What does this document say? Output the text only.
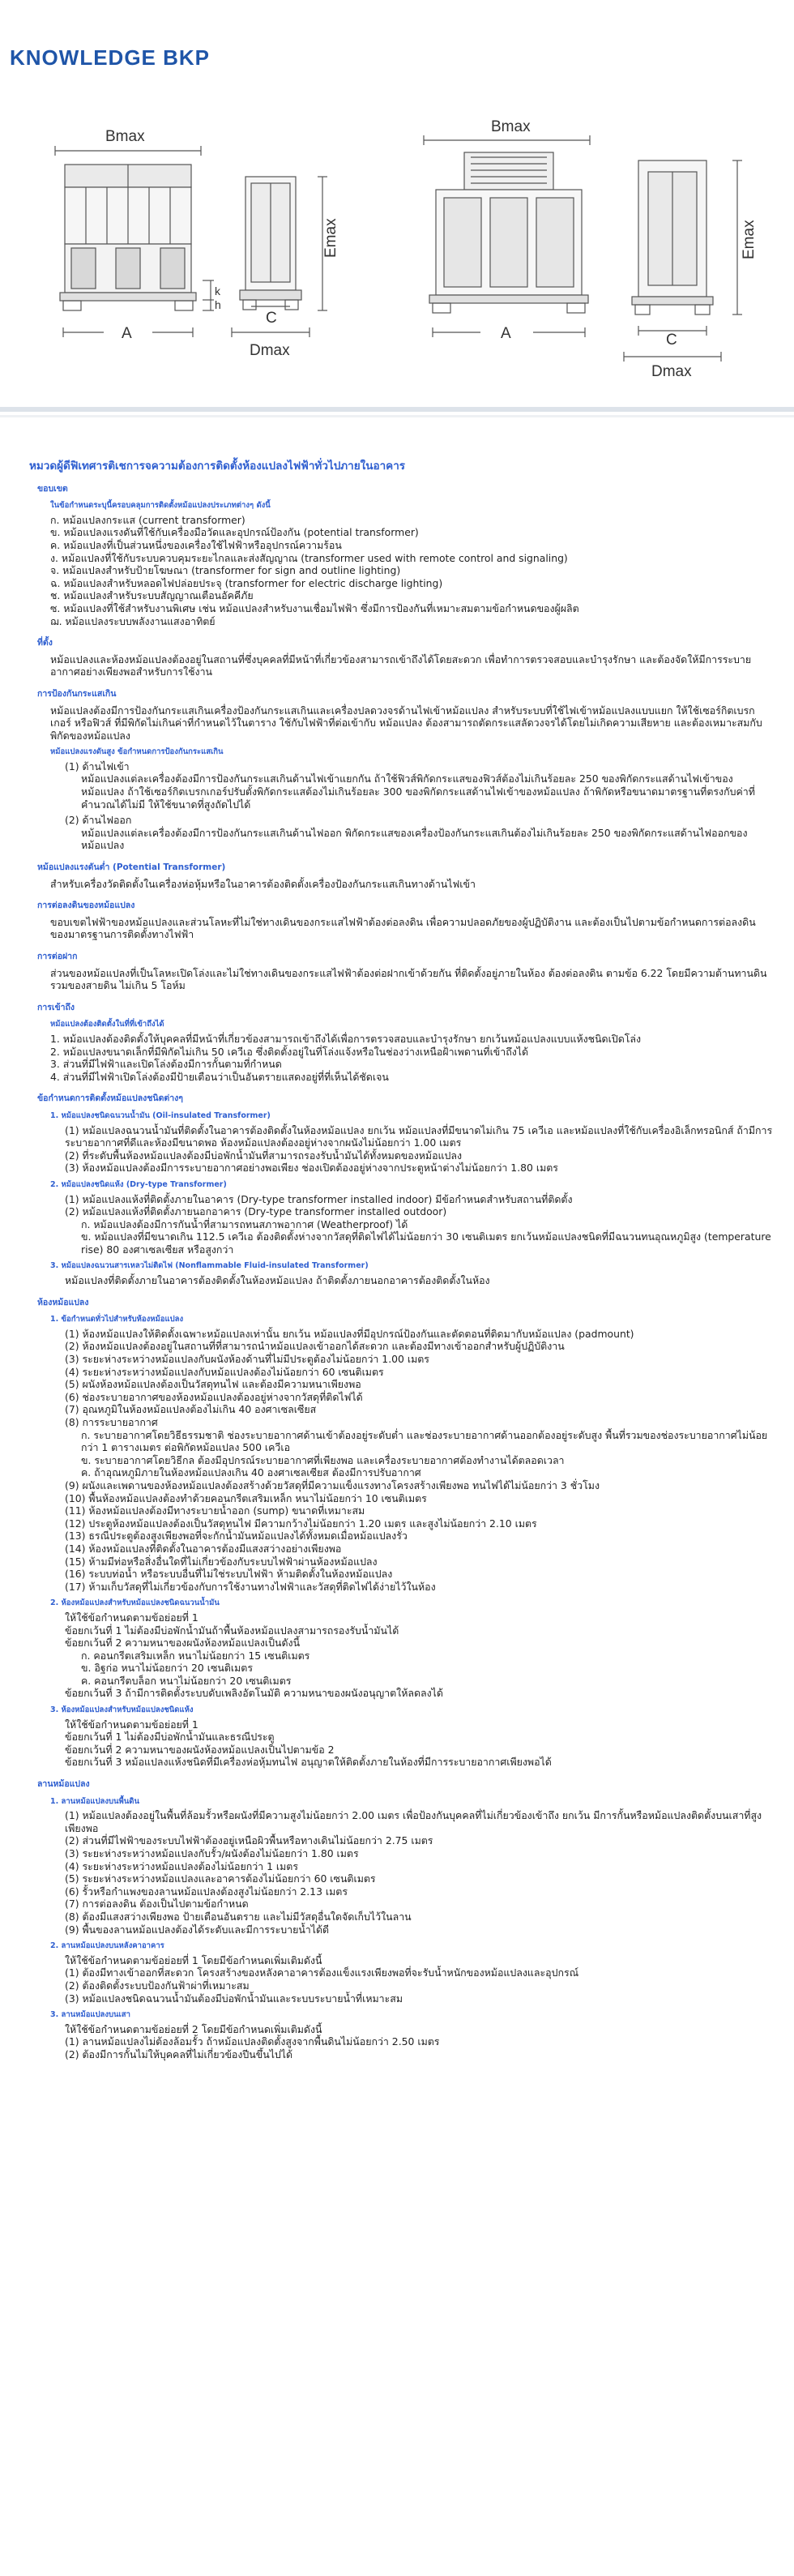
KNOWLEDGE BKP
Bmax
A
k
h
C
Dmax
Emax
Bmax
A	C
Dmax
Emax
หมวดผู้ดีฟิเทศารติเชการจความต้องการติดตั้งห้องแปลงไฟฟ้าทั่วไปภายในอาคาร
ขอบเขต
ในข้อกำหนดระบุนี้ครอบคลุมการติดตั้งหม้อแปลงประเภทต่างๆ ดังนี้
ก. หม้อแปลงกระแส (current transformer)
ข. หม้อแปลงแรงดันที่ใช้กับเครื่องมือวัดและอุปกรณ์ป้องกัน (potential transformer)
ค. หม้อแปลงที่เป็นส่วนหนึ่งของเครื่องใช้ไฟฟ้าหรืออุปกรณ์ความร้อน
ง. หม้อแปลงที่ใช้กับระบบควบคุมระยะไกลและส่งสัญญาณ (transformer used with remote control and signaling)
จ. หม้อแปลงสำหรับป้ายโฆษณา (transformer for sign and outline lighting)
ฉ. หม้อแปลงสำหรับหลอดไฟปล่อยประจุ (transformer for electric discharge lighting)
ช. หม้อแปลงสำหรับระบบสัญญาณเตือนอัคคีภัย
ซ. หม้อแปลงที่ใช้สำหรับงานพิเศษ เช่น หม้อแปลงสำหรับงานเชื่อมไฟฟ้า ซึ่งมีการป้องกันที่เหมาะสมตามข้อกำหนดของผู้ผลิต
ฌ. หม้อแปลงระบบพลังงานแสงอาทิตย์
ที่ตั้ง
หม้อแปลงและห้องหม้อแปลงต้องอยู่ในสถานที่ซึ่งบุคคลที่มีหน้าที่เกี่ยวข้องสามารถเข้าถึงได้โดยสะดวก เพื่อทำการตรวจสอบและบำรุงรักษา และต้องจัดให้มีการระบายอากาศอย่างเพียงพอสำหรับการใช้งาน
การป้องกันกระแสเกิน
หม้อแปลงต้องมีการป้องกันกระแสเกินเครื่องป้องกันกระแสเกินและเครื่องปลดวงจรด้านไฟเข้าหม้อแปลง สำหรับระบบที่ใช้ไฟเข้าหม้อแปลงแบบแยก ให้ใช้เซอร์กิตเบรกเกอร์ หรือฟิวส์ ที่มีพิกัดไม่เกินค่าที่กำหนดไว้ในตาราง ใช้กับไฟฟ้าที่ต่อเข้ากับ หม้อแปลง ต้องสามารถตัดกระแสลัดวงจรได้โดยไม่เกิดความเสียหาย และต้องเหมาะสมกับพิกัดของหม้อแปลง
หม้อแปลงแรงดันสูง ข้อกำหนดการป้องกันกระแสเกิน
(1) ด้านไฟเข้า
หม้อแปลงแต่ละเครื่องต้องมีการป้องกันกระแสเกินด้านไฟเข้าแยกกัน ถ้าใช้ฟิวส์พิกัดกระแสของฟิวส์ต้องไม่เกินร้อยละ 250 ของพิกัดกระแสด้านไฟเข้าของหม้อแปลง ถ้าใช้เซอร์กิตเบรกเกอร์ปรับตั้งพิกัดกระแสต้องไม่เกินร้อยละ 300 ของพิกัดกระแสด้านไฟเข้าของหม้อแปลง ถ้าพิกัดหรือขนาดมาตรฐานที่ตรงกับค่าที่คำนวณได้ไม่มี ให้ใช้ขนาดที่สูงถัดไปได้
(2) ด้านไฟออก
หม้อแปลงแต่ละเครื่องต้องมีการป้องกันกระแสเกินด้านไฟออก พิกัดกระแสของเครื่องป้องกันกระแสเกินต้องไม่เกินร้อยละ 250 ของพิกัดกระแสด้านไฟออกของหม้อแปลง
หม้อแปลงแรงดันต่ำ (Potential Transformer)
สำหรับเครื่องวัดติดตั้งในเครื่องห่อหุ้มหรือในอาคารต้องติดตั้งเครื่องป้องกันกระแสเกินทางด้านไฟเข้า
การต่อลงดินของหม้อแปลง
ขอบเขตไฟฟ้าของหม้อแปลงและส่วนโลหะที่ไม่ใช่ทางเดินของกระแสไฟฟ้าต้องต่อลงดิน เพื่อความปลอดภัยของผู้ปฏิบัติงาน และต้องเป็นไปตามข้อกำหนดการต่อลงดินของมาตรฐานการติดตั้งทางไฟฟ้า
การต่อฝาก
ส่วนของหม้อแปลงที่เป็นโลหะเปิดโล่งและไม่ใช่ทางเดินของกระแสไฟฟ้าต้องต่อฝากเข้าด้วยกัน ที่ติดตั้งอยู่ภายในห้อง ต้องต่อลงดิน ตามข้อ 6.22 โดยมีความต้านทานดินรวมของสายดิน ไม่เกิน 5 โอห์ม
การเข้าถึง
หม้อแปลงต้องติดตั้งในที่ที่เข้าถึงได้
1. หม้อแปลงต้องติดตั้งให้บุคคลที่มีหน้าที่เกี่ยวข้องสามารถเข้าถึงได้เพื่อการตรวจสอบและบำรุงรักษา ยกเว้นหม้อแปลงแบบแห้งชนิดเปิดโล่ง
2. หม้อแปลงขนาดเล็กที่มีพิกัดไม่เกิน 50 เควีเอ ซึ่งติดตั้งอยู่ในที่โล่งแจ้งหรือในช่องว่างเหนือฝ้าเพดานที่เข้าถึงได้
3. ส่วนที่มีไฟฟ้าและเปิดโล่งต้องมีการกั้นตามที่กำหนด
4. ส่วนที่มีไฟฟ้าเปิดโล่งต้องมีป้ายเตือนว่าเป็นอันตรายแสดงอยู่ที่ที่เห็นได้ชัดเจน
ข้อกำหนดการติดตั้งหม้อแปลงชนิดต่างๆ
1. หม้อแปลงชนิดฉนวนน้ำมัน (Oil-insulated Transformer)
(1) หม้อแปลงฉนวนน้ำมันที่ติดตั้งในอาคารต้องติดตั้งในห้องหม้อแปลง ยกเว้น หม้อแปลงที่มีขนาดไม่เกิน 75 เควีเอ และหม้อแปลงที่ใช้กับเครื่องอิเล็กทรอนิกส์ ถ้ามีการระบายอากาศที่ดีและห้องมีขนาดพอ ห้องหม้อแปลงต้องอยู่ห่างจากผนังไม่น้อยกว่า 1.00 เมตร
(2) ที่ระดับพื้นห้องหม้อแปลงต้องมีบ่อพักน้ำมันที่สามารถรองรับน้ำมันได้ทั้งหมดของหม้อแปลง
(3) ห้องหม้อแปลงต้องมีการระบายอากาศอย่างพอเพียง ช่องเปิดต้องอยู่ห่างจากประตูหน้าต่างไม่น้อยกว่า 1.80 เมตร
2. หม้อแปลงชนิดแห้ง (Dry-type Transformer)
(1) หม้อแปลงแห้งที่ติดตั้งภายในอาคาร (Dry-type transformer installed indoor) มีข้อกำหนดสำหรับสถานที่ติดตั้ง
(2) หม้อแปลงแห้งที่ติดตั้งภายนอกอาคาร (Dry-type transformer installed outdoor)
ก. หม้อแปลงต้องมีการกันน้ำที่สามารถทนสภาพอากาศ (Weatherproof) ได้
ข. หม้อแปลงที่มีขนาดเกิน 112.5 เควีเอ ต้องติดตั้งห่างจากวัสดุที่ติดไฟได้ไม่น้อยกว่า 30 เซนติเมตร ยกเว้นหม้อแปลงชนิดที่มีฉนวนทนอุณหภูมิสูง (temperature rise) 80 องศาเซลเซียส หรือสูงกว่า
3. หม้อแปลงฉนวนสารเหลวไม่ติดไฟ (Nonflammable Fluid-insulated Transformer)
หม้อแปลงที่ติดตั้งภายในอาคารต้องติดตั้งในห้องหม้อแปลง ถ้าติดตั้งภายนอกอาคารต้องติดตั้งในห้อง
ห้องหม้อแปลง
1. ข้อกำหนดทั่วไปสำหรับห้องหม้อแปลง
(1) ห้องหม้อแปลงให้ติดตั้งเฉพาะหม้อแปลงเท่านั้น ยกเว้น หม้อแปลงที่มีอุปกรณ์ป้องกันและตัดตอนที่ติดมากับหม้อแปลง (padmount)
(2) ห้องหม้อแปลงต้องอยู่ในสถานที่ที่สามารถนำหม้อแปลงเข้าออกได้สะดวก และต้องมีทางเข้าออกสำหรับผู้ปฏิบัติงาน
(3) ระยะห่างระหว่างหม้อแปลงกับผนังห้องด้านที่ไม่มีประตูต้องไม่น้อยกว่า 1.00 เมตร
(4) ระยะห่างระหว่างหม้อแปลงกับหม้อแปลงต้องไม่น้อยกว่า 60 เซนติเมตร
(5) ผนังห้องหม้อแปลงต้องเป็นวัสดุทนไฟ และต้องมีความหนาเพียงพอ
(6) ช่องระบายอากาศของห้องหม้อแปลงต้องอยู่ห่างจากวัสดุที่ติดไฟได้
(7) อุณหภูมิในห้องหม้อแปลงต้องไม่เกิน 40 องศาเซลเซียส
(8) การระบายอากาศ
ก. ระบายอากาศโดยวิธีธรรมชาติ ช่องระบายอากาศด้านเข้าต้องอยู่ระดับต่ำ และช่องระบายอากาศด้านออกต้องอยู่ระดับสูง พื้นที่รวมของช่องระบายอากาศไม่น้อยกว่า 1 ตารางเมตร ต่อพิกัดหม้อแปลง 500 เควีเอ
ข. ระบายอากาศโดยวิธีกล ต้องมีอุปกรณ์ระบายอากาศที่เพียงพอ และเครื่องระบายอากาศต้องทำงานได้ตลอดเวลา
ค. ถ้าอุณหภูมิภายในห้องหม้อแปลงเกิน 40 องศาเซลเซียส ต้องมีการปรับอากาศ
(9) ผนังและเพดานของห้องหม้อแปลงต้องสร้างด้วยวัสดุที่มีความแข็งแรงทางโครงสร้างเพียงพอ ทนไฟได้ไม่น้อยกว่า 3 ชั่วโมง
(10) พื้นห้องหม้อแปลงต้องทำด้วยคอนกรีตเสริมเหล็ก หนาไม่น้อยกว่า 10 เซนติเมตร
(11) ห้องหม้อแปลงต้องมีทางระบายน้ำออก (sump) ขนาดที่เหมาะสม
(12) ประตูห้องหม้อแปลงต้องเป็นวัสดุทนไฟ มีความกว้างไม่น้อยกว่า 1.20 เมตร และสูงไม่น้อยกว่า 2.10 เมตร
(13) ธรณีประตูต้องสูงเพียงพอที่จะกักน้ำมันหม้อแปลงได้ทั้งหมดเมื่อหม้อแปลงรั่ว
(14) ห้องหม้อแปลงที่ติดตั้งในอาคารต้องมีแสงสว่างอย่างเพียงพอ
(15) ห้ามมีท่อหรือสิ่งอื่นใดที่ไม่เกี่ยวข้องกับระบบไฟฟ้าผ่านห้องหม้อแปลง
(16) ระบบท่อน้ำ หรือระบบอื่นที่ไม่ใช่ระบบไฟฟ้า ห้ามติดตั้งในห้องหม้อแปลง
(17) ห้ามเก็บวัสดุที่ไม่เกี่ยวข้องกับการใช้งานทางไฟฟ้าและวัสดุที่ติดไฟได้ง่ายไว้ในห้อง
2. ห้องหม้อแปลงสำหรับหม้อแปลงชนิดฉนวนน้ำมัน
ให้ใช้ข้อกำหนดตามข้อย่อยที่ 1
ข้อยกเว้นที่ 1 ไม่ต้องมีบ่อพักน้ำมันถ้าพื้นห้องหม้อแปลงสามารถรองรับน้ำมันได้
ข้อยกเว้นที่ 2 ความหนาของผนังห้องหม้อแปลงเป็นดังนี้
ก. คอนกรีตเสริมเหล็ก หนาไม่น้อยกว่า 15 เซนติเมตร
ข. อิฐก่อ หนาไม่น้อยกว่า 20 เซนติเมตร
ค. คอนกรีตบล็อก หนาไม่น้อยกว่า 20 เซนติเมตร
ข้อยกเว้นที่ 3 ถ้ามีการติดตั้งระบบดับเพลิงอัตโนมัติ ความหนาของผนังอนุญาตให้ลดลงได้
3. ห้องหม้อแปลงสำหรับหม้อแปลงชนิดแห้ง
ให้ใช้ข้อกำหนดตามข้อย่อยที่ 1
ข้อยกเว้นที่ 1 ไม่ต้องมีบ่อพักน้ำมันและธรณีประตู
ข้อยกเว้นที่ 2 ความหนาของผนังห้องหม้อแปลงเป็นไปตามข้อ 2
ข้อยกเว้นที่ 3 หม้อแปลงแห้งชนิดที่มีเครื่องห่อหุ้มทนไฟ อนุญาตให้ติดตั้งภายในห้องที่มีการระบายอากาศเพียงพอได้
ลานหม้อแปลง
1. ลานหม้อแปลงบนพื้นดิน
(1) หม้อแปลงต้องอยู่ในพื้นที่ล้อมรั้วหรือผนังที่มีความสูงไม่น้อยกว่า 2.00 เมตร เพื่อป้องกันบุคคลที่ไม่เกี่ยวข้องเข้าถึง ยกเว้น มีการกั้นหรือหม้อแปลงติดตั้งบนเสาที่สูงเพียงพอ
(2) ส่วนที่มีไฟฟ้าของระบบไฟฟ้าต้องอยู่เหนือผิวพื้นหรือทางเดินไม่น้อยกว่า 2.75 เมตร
(3) ระยะห่างระหว่างหม้อแปลงกับรั้ว/ผนังต้องไม่น้อยกว่า 1.80 เมตร
(4) ระยะห่างระหว่างหม้อแปลงต้องไม่น้อยกว่า 1 เมตร
(5) ระยะห่างระหว่างหม้อแปลงและอาคารต้องไม่น้อยกว่า 60 เซนติเมตร
(6) รั้วหรือกำแพงของลานหม้อแปลงต้องสูงไม่น้อยกว่า 2.13 เมตร
(7) การต่อลงดิน ต้องเป็นไปตามข้อกำหนด
(8) ต้องมีแสงสว่างเพียงพอ ป้ายเตือนอันตราย และไม่มีวัสดุอื่นใดจัดเก็บไว้ในลาน
(9) พื้นของลานหม้อแปลงต้องได้ระดับและมีการระบายน้ำได้ดี
2. ลานหม้อแปลงบนหลังคาอาคาร
ให้ใช้ข้อกำหนดตามข้อย่อยที่ 1 โดยมีข้อกำหนดเพิ่มเติมดังนี้
(1) ต้องมีทางเข้าออกที่สะดวก โครงสร้างของหลังคาอาคารต้องแข็งแรงเพียงพอที่จะรับน้ำหนักของหม้อแปลงและอุปกรณ์
(2) ต้องติดตั้งระบบป้องกันฟ้าผ่าที่เหมาะสม
(3) หม้อแปลงชนิดฉนวนน้ำมันต้องมีบ่อพักน้ำมันและระบบระบายน้ำที่เหมาะสม
3. ลานหม้อแปลงบนเสา
ให้ใช้ข้อกำหนดตามข้อย่อยที่ 2 โดยมีข้อกำหนดเพิ่มเติมดังนี้
(1) ลานหม้อแปลงไม่ต้องล้อมรั้ว ถ้าหม้อแปลงติดตั้งสูงจากพื้นดินไม่น้อยกว่า 2.50 เมตร
(2) ต้องมีการกั้นไม่ให้บุคคลที่ไม่เกี่ยวข้องปีนขึ้นไปได้
